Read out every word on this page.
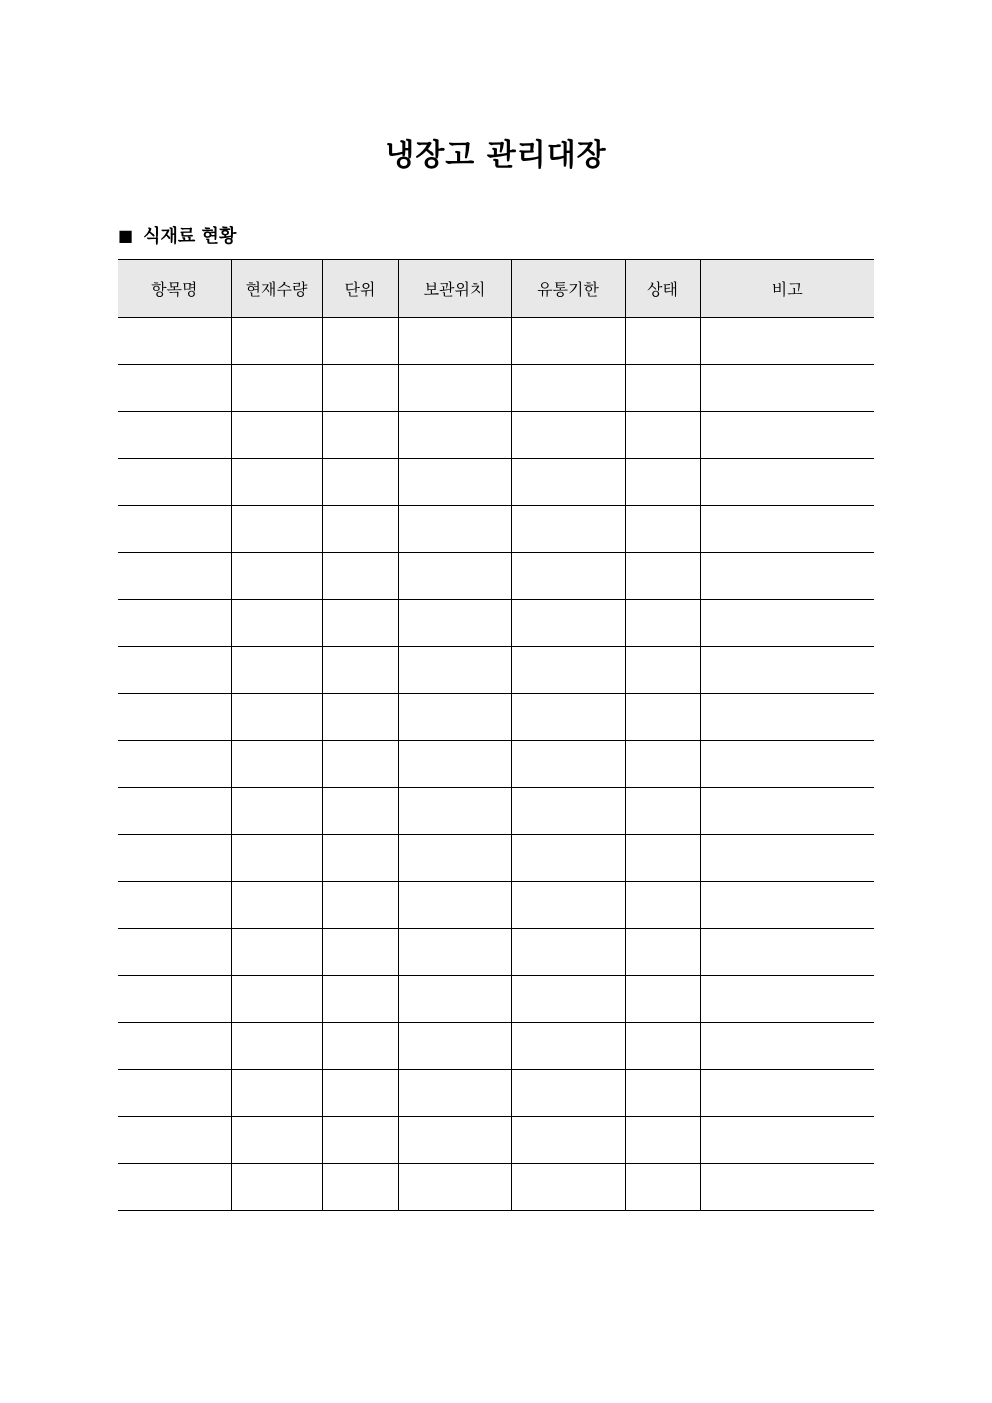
냉장고 관리대장
■ 식재료 현황
항목명	현재수량	단위	보관위치	유통기한	상태	비고
